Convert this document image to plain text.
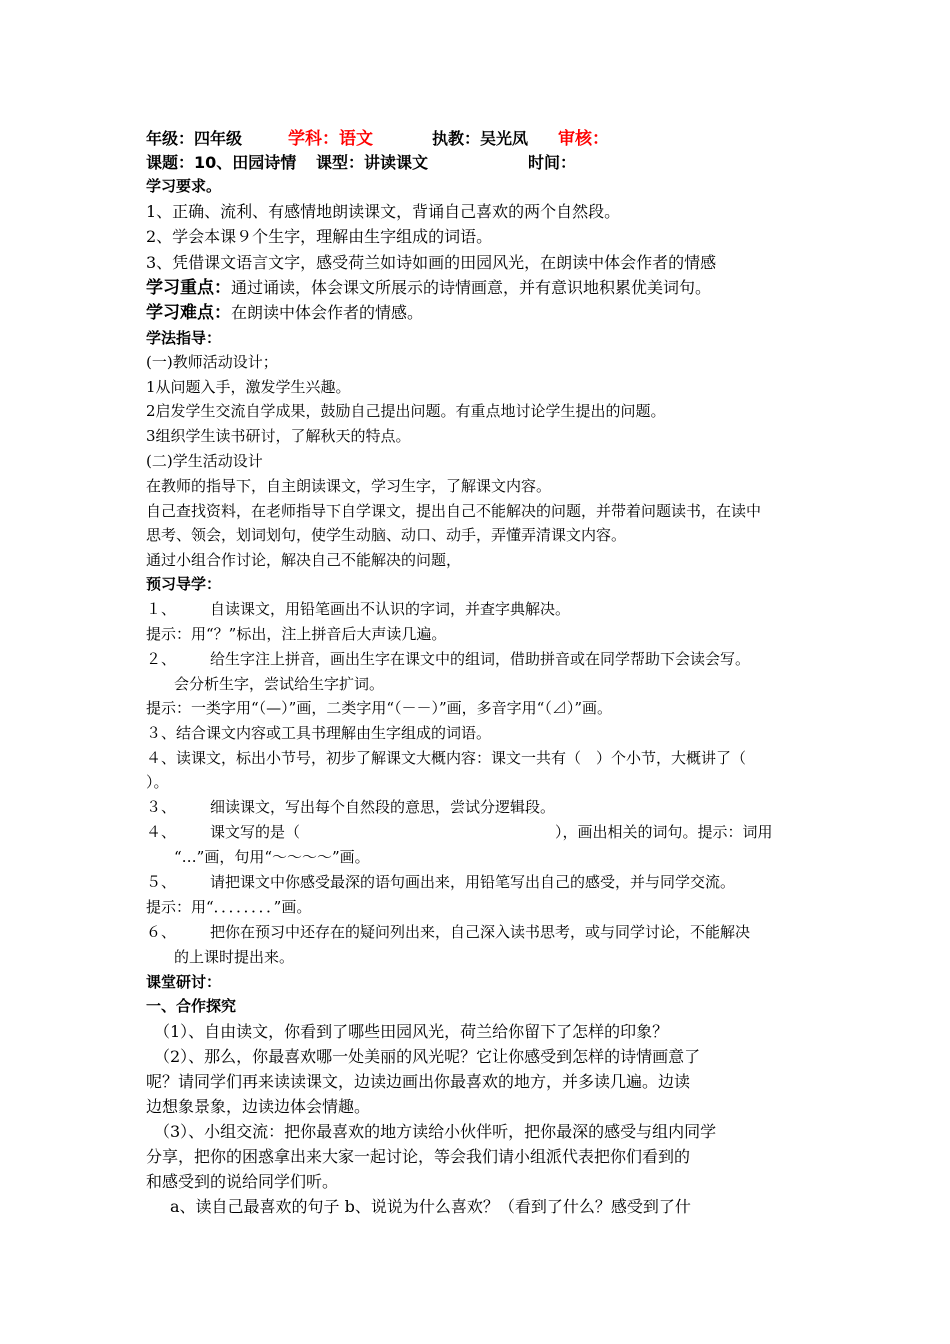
年级：四年级	学科：语文	执教：吴光凤 审核：
课题：10、田园诗情 课型：讲读课文	时间：
学习要求。
1、正确、流利、有感情地朗读课文，背诵自己喜欢的两个自然段。
2、学会本课９个生字，理解由生字组成的词语。
3、凭借课文语言文字，感受荷兰如诗如画的田园风光，在朗读中体会作者的情感
学习重点：通过诵读，体会课文所展示的诗情画意，并有意识地积累优美词句。
学习难点：在朗读中体会作者的情感。
学法指导：
(一)教师活动设计；
1从问题入手，激发学生兴趣。
2启发学生交流自学成果，鼓励自己提出问题。有重点地讨论学生提出的问题。
3组织学生读书研讨，了解秋天的特点。
(二)学生活动设计
在教师的指导下，自主朗读课文，学习生字，了解课文内容。
自己查找资料，在老师指导下自学课文，提出自己不能解决的问题，并带着问题读书，在读中
思考、领会，划词划句，使学生动脑、动口、动手，弄懂弄清课文内容。
通过小组合作讨论，解决自己不能解决的问题，
预习导学：
１、 自读课文，用铅笔画出不认识的字词，并查字典解决。
提示：用“？”标出，注上拼音后大声读几遍。
２、 给生字注上拼音，画出生字在课文中的组词，借助拼音或在同学帮助下会读会写。
会分析生字，尝试给生字扩词。
提示：一类字用“（—）”画，二类字用“（－－）”画，多音字用“（⊿）”画。
３、结合课文内容或工具书理解由生字组成的词语。
４、读课文，标出小节号，初步了解课文大概内容：课文一共有（　）个小节，大概讲了（
）。
３、 细读课文，写出每个自然段的意思，尝试分逻辑段。
４、 课文写的是（　　　　　　　　　　　　　　　　　），画出相关的词句。提示：词用
“…”画，句用“～～～～”画。
５、 请把课文中你感受最深的语句画出来，用铅笔写出自己的感受，并与同学交流。
提示：用“．．．．．．．．”画。
６、 把你在预习中还存在的疑问列出来，自己深入读书思考，或与同学讨论，不能解决
的上课时提出来。
课堂研讨：
一、合作探究
（1）、自由读文，你看到了哪些田园风光，荷兰给你留下了怎样的印象？
（2）、那么，你最喜欢哪一处美丽的风光呢？它让你感受到怎样的诗情画意了
呢？请同学们再来读读课文，边读边画出你最喜欢的地方，并多读几遍。边读
边想象景象，边读边体会情趣。
（3）、小组交流：把你最喜欢的地方读给小伙伴听，把你最深的感受与组内同学
分享，把你的困惑拿出来大家一起讨论，等会我们请小组派代表把你们看到的
和感受到的说给同学们听。
a、读自己最喜欢的句子 b、说说为什么喜欢？（看到了什么？感受到了什
